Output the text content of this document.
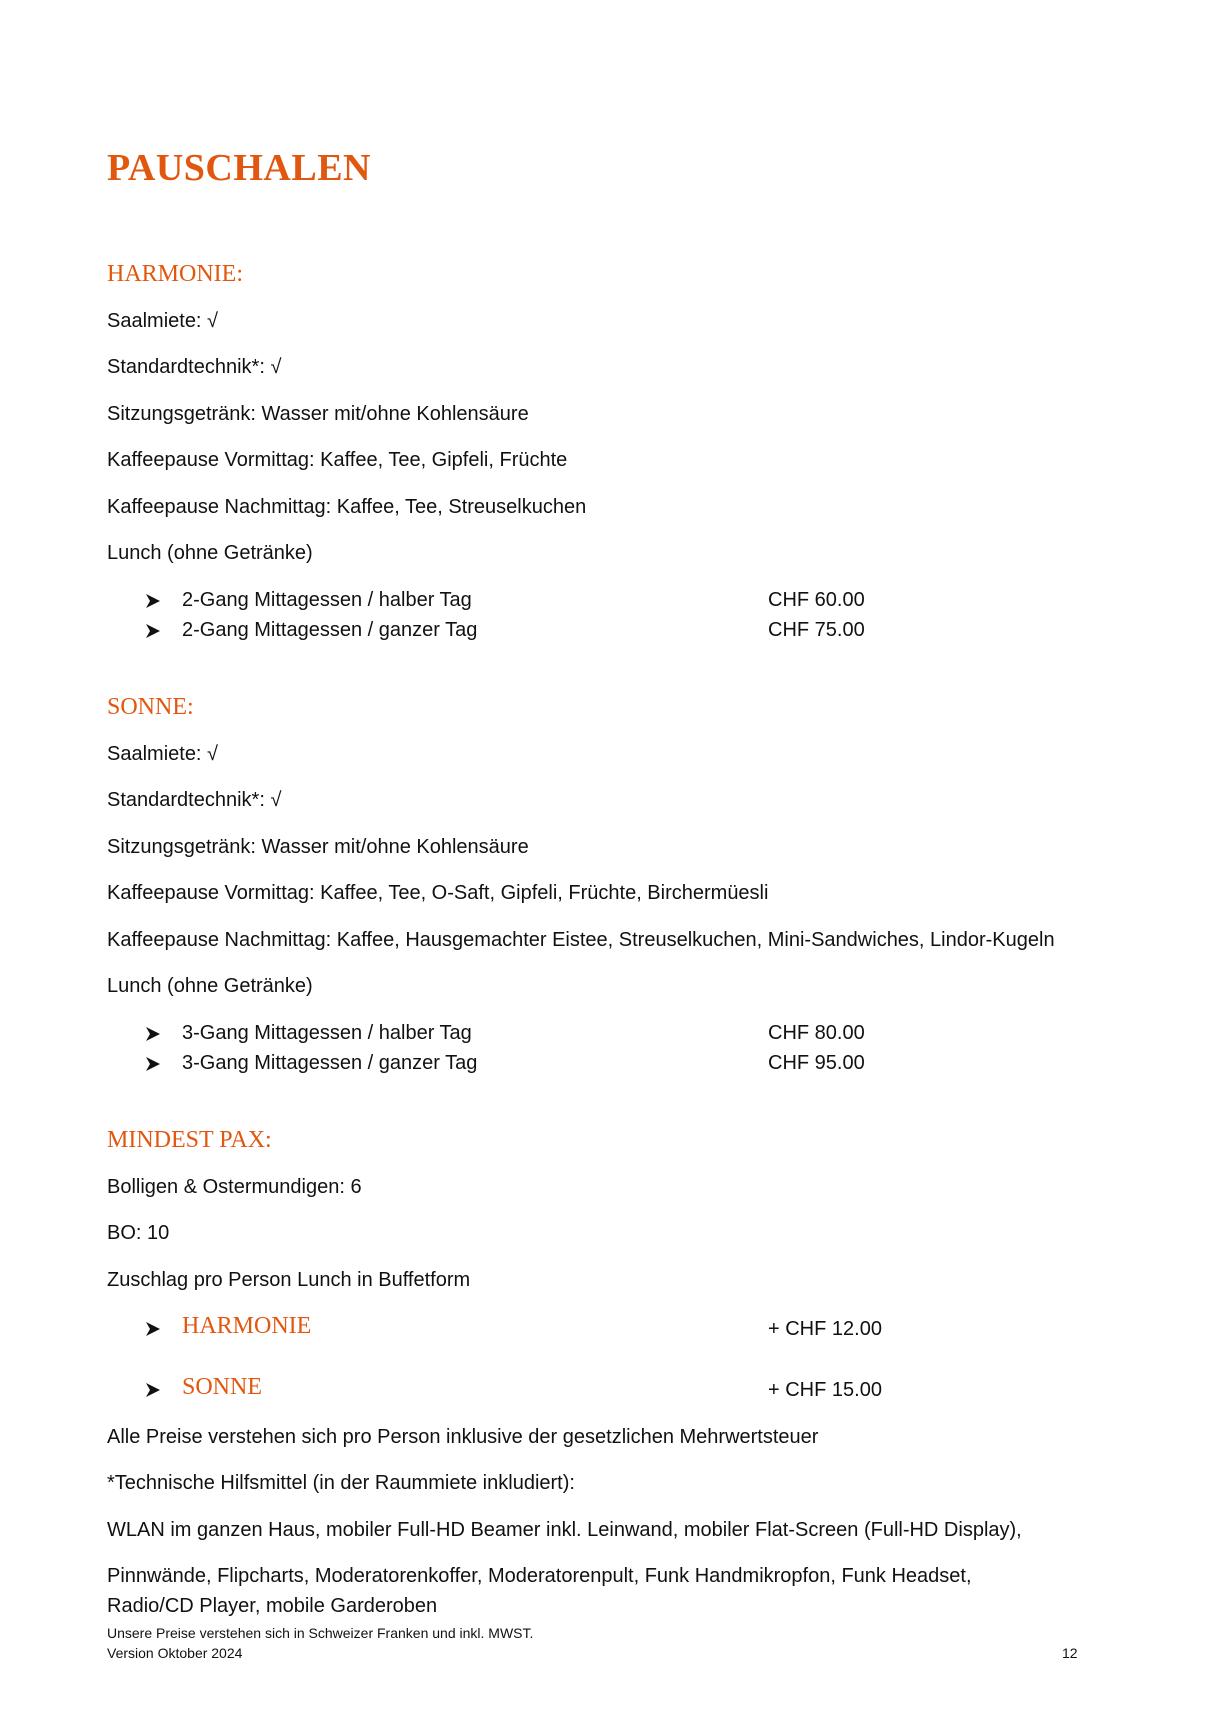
PAUSCHALEN
HARMONIE:
Saalmiete: √
Standardtechnik*: √
Sitzungsgetränk: Wasser mit/ohne Kohlensäure
Kaffeepause Vormittag: Kaffee, Tee, Gipfeli, Früchte
Kaffeepause Nachmittag: Kaffee, Tee, Streuselkuchen
Lunch (ohne Getränke)
2-Gang Mittagessen / halber Tag	CHF 60.00
2-Gang Mittagessen / ganzer Tag	CHF 75.00
SONNE:
Saalmiete: √
Standardtechnik*: √
Sitzungsgetränk: Wasser mit/ohne Kohlensäure
Kaffeepause Vormittag: Kaffee, Tee, O-Saft, Gipfeli, Früchte, Birchermüesli
Kaffeepause Nachmittag: Kaffee, Hausgemachter Eistee, Streuselkuchen, Mini-Sandwiches, Lindor-Kugeln
Lunch (ohne Getränke)
3-Gang Mittagessen / halber Tag	CHF 80.00
3-Gang Mittagessen / ganzer Tag	CHF 95.00
MINDEST PAX:
Bolligen & Ostermundigen: 6
BO: 10
Zuschlag pro Person Lunch in Buffetform
HARMONIE	+ CHF 12.00
SONNE	+ CHF 15.00
Alle Preise verstehen sich pro Person inklusive der gesetzlichen Mehrwertsteuer
*Technische Hilfsmittel (in der Raummiete inkludiert):
WLAN im ganzen Haus, mobiler Full-HD Beamer inkl. Leinwand, mobiler Flat-Screen (Full-HD Display),
Pinnwände, Flipcharts, Moderatorenkoffer, Moderatorenpult, Funk Handmikropfon, Funk Headset,
Radio/CD Player, mobile Garderoben
Unsere Preise verstehen sich in Schweizer Franken und inkl. MWST.
Version Oktober 2024	12
